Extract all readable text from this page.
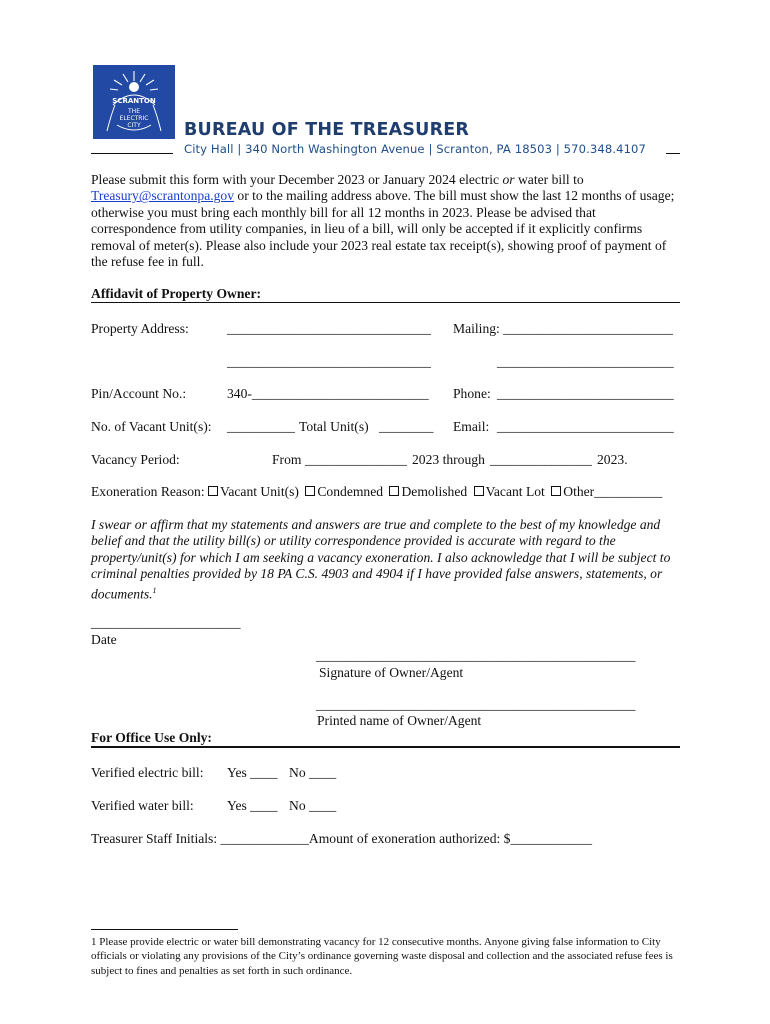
SCRANTON
THE
ELECTRIC
CITY BUREAU OF THE TREASURER
City Hall | 340 North Washington Avenue | Scranton, PA 18503 | 570.348.4107
Please submit this form with your December 2023 or January 2024 electric or water bill to
Treasury@scrantonpa.gov or to the mailing address above. The bill must show the last 12 months of usage; otherwise you must bring each monthly bill for all 12 months in 2023. Please be advised that correspondence from utility companies, in lieu of a bill, will only be accepted if it explicitly confirms removal of meter(s). Please also include your 2023 real estate tax receipt(s), showing proof of payment of the refuse fee in full.
Affidavit of Property Owner:
Property Address:	______________________________ Mailing: _________________________
______________________________	__________________________
Pin/Account No.:	340-__________________________ Phone: __________________________
No. of Vacant Unit(s): __________ Total Unit(s) ________ Email: __________________________
Vacancy Period:	From _______________ 2023 through _______________ 2023.
Exoneration Reason: Vacant Unit(s) Condemned Demolished Vacant Lot Other__________
I swear or affirm that my statements and answers are true and complete to the best of my knowledge and belief and that the utility bill(s) or utility correspondence provided is accurate with regard to the property/unit(s) for which I am seeking a vacancy exoneration. I also acknowledge that I will be subject to criminal penalties provided by 18 PA C.S. 4903 and 4904 if I have provided false answers, statements, or documents.$^1$
______________________
Date
_______________________________________________
Signature of Owner/Agent
_______________________________________________
Printed name of Owner/Agent
For Office Use Only:
Verified electric bill: Yes ____ No ____
Verified water bill: Yes ____ No ____
Treasurer Staff Initials: _____________Amount of exoneration authorized: $____________
1 Please provide electric or water bill demonstrating vacancy for 12 consecutive months. Anyone giving false information to City officials or violating any provisions of the City’s ordinance governing waste disposal and collection and the associated refuse fees is subject to fines and penalties as set forth in such ordinance.
